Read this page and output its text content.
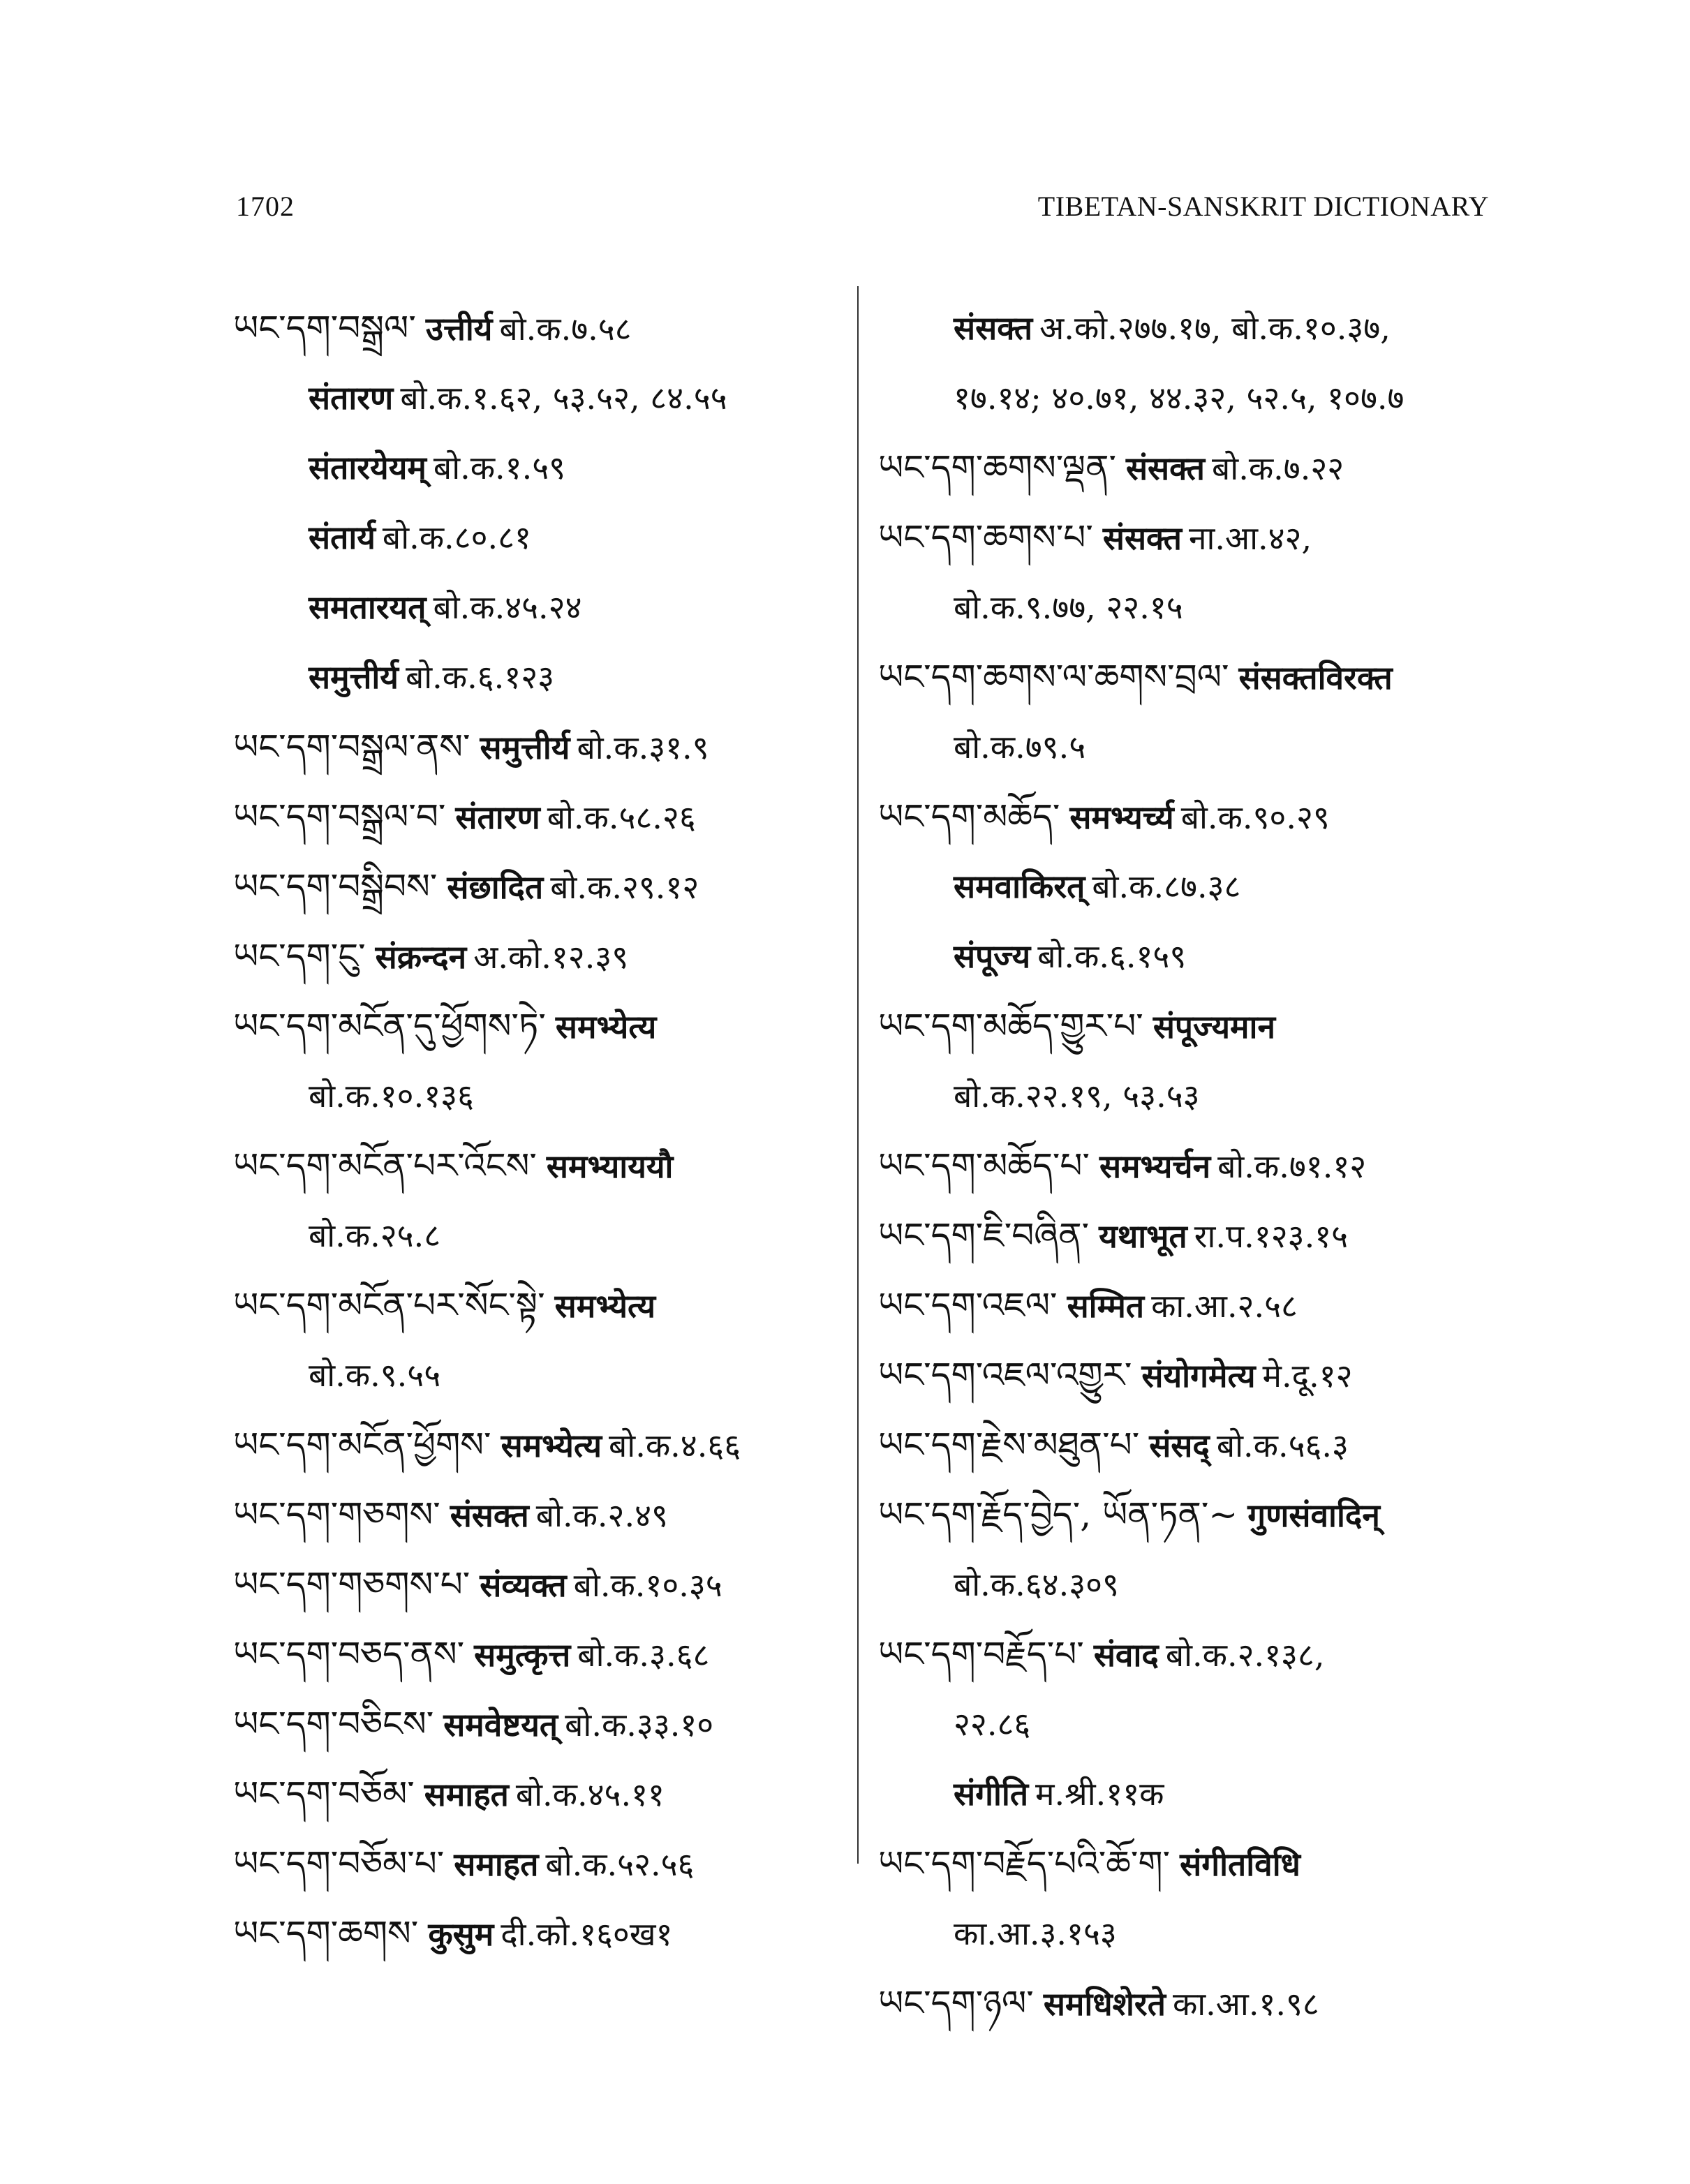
1702	TIBETAN-SANSKRIT DICTIONARY
ཡང་དག་བསྒྲལ་ उत्तीर्य बो.क.७.५८
संतारण बो.क.१.६२, ५३.५२, ८४.५५
संतारयेयम् बो.क.१.५९
संतार्य बो.क.८०.८१
समतारयत् बो.क.४५.२४
समुत्तीर्य बो.क.६.१२३
ཡང་དག་བསྒྲལ་ནས་ समुत्तीर्य बो.क.३१.९
ཡང་དག་བསྒྲལ་བ་ संतारण बो.क.५८.२६
ཡང་དག་བསྒྲིབས་ संछादित बो.क.२९.१२
ཡང་དག་ངུ་ संक्रन्दन अ.को.१२.३९
ཡང་དག་མངོན་དུ་ཕྱོགས་ཏེ་ समभ्येत्य
बो.क.१०.१३६
ཡང་དག་མངོན་པར་འོངས་ समभ्याययौ
बो.क.२५.८
ཡང་དག་མངོན་པར་སོང་སྟེ་ समभ्येत्य
बो.क.९.५५
ཡང་དག་མངོན་ཕྱོགས་ समभ्येत्य बो.क.४.६६
ཡང་དག་གཅགས་ संसक्त बो.क.२.४९
ཡང་དག་གཅགས་པ་ संव्यक्त बो.क.१०.३५
ཡང་དག་བཅད་ནས་ समुत्कृत्त बो.क.३.६८
ཡང་དག་བཅིངས་ समवेष्टयत् बो.क.३३.१०
ཡང་དག་བཅོམ་ समाहत बो.क.४५.११
ཡང་དག་བཅོམ་པ་ समाहत बो.क.५२.५६
ཡང་དག་ཆགས་ कुसुम दी.को.१६०ख१
संसक्त अ.को.२७७.१७, बो.क.१०.३७,
१७.१४; ४०.७१, ४४.३२, ५२.५, १०७.७
ཡང་དག་ཆགས་ལྡན་ संसक्त बो.क.७.२२
ཡང་དག་ཆགས་པ་ संसक्त ना.आ.४२,
बो.क.९.७७, २२.१५
ཡང་དག་ཆགས་ལ་ཆགས་བྲལ་ संसक्तविरक्त
बो.क.७९.५
ཡང་དག་མཆོད་ समभ्यर्च्य बो.क.९०.२९
समवाकिरत् बो.क.८७.३८
संपूज्य बो.क.६.१५९
ཡང་དག་མཆོད་གྱུར་པ་ संपूज्यमान
बो.क.२२.१९, ५३.५३
ཡང་དག་མཆོད་པ་ समभ्यर्चन बो.क.७१.१२
ཡང་དག་ཇི་བཞིན་ यथाभूत रा.प.१२३.१५
ཡང་དག་འཇལ་ सम्मित का.आ.२.५८
ཡང་དག་འཇལ་འགྱུར་ संयोगमेत्य मे.दू.१२
ཡང་དག་རྗེས་མཐུན་པ་ संसद् बो.क.५६.३
ཡང་དག་རྗོད་བྱེད་, ཡོན་ཏན་~ गुणसंवादिन्
बो.क.६४.३०९
ཡང་དག་བརྗོད་པ་ संवाद बो.क.२.१३८,
२२.८६
संगीति म.श्री.११क
ཡང་དག་བརྗོད་པའི་ཆོ་ག་ संगीतविधि
का.आ.३.१५३
ཡང་དག་ཉལ་ समधिशेरते का.आ.१.९८
